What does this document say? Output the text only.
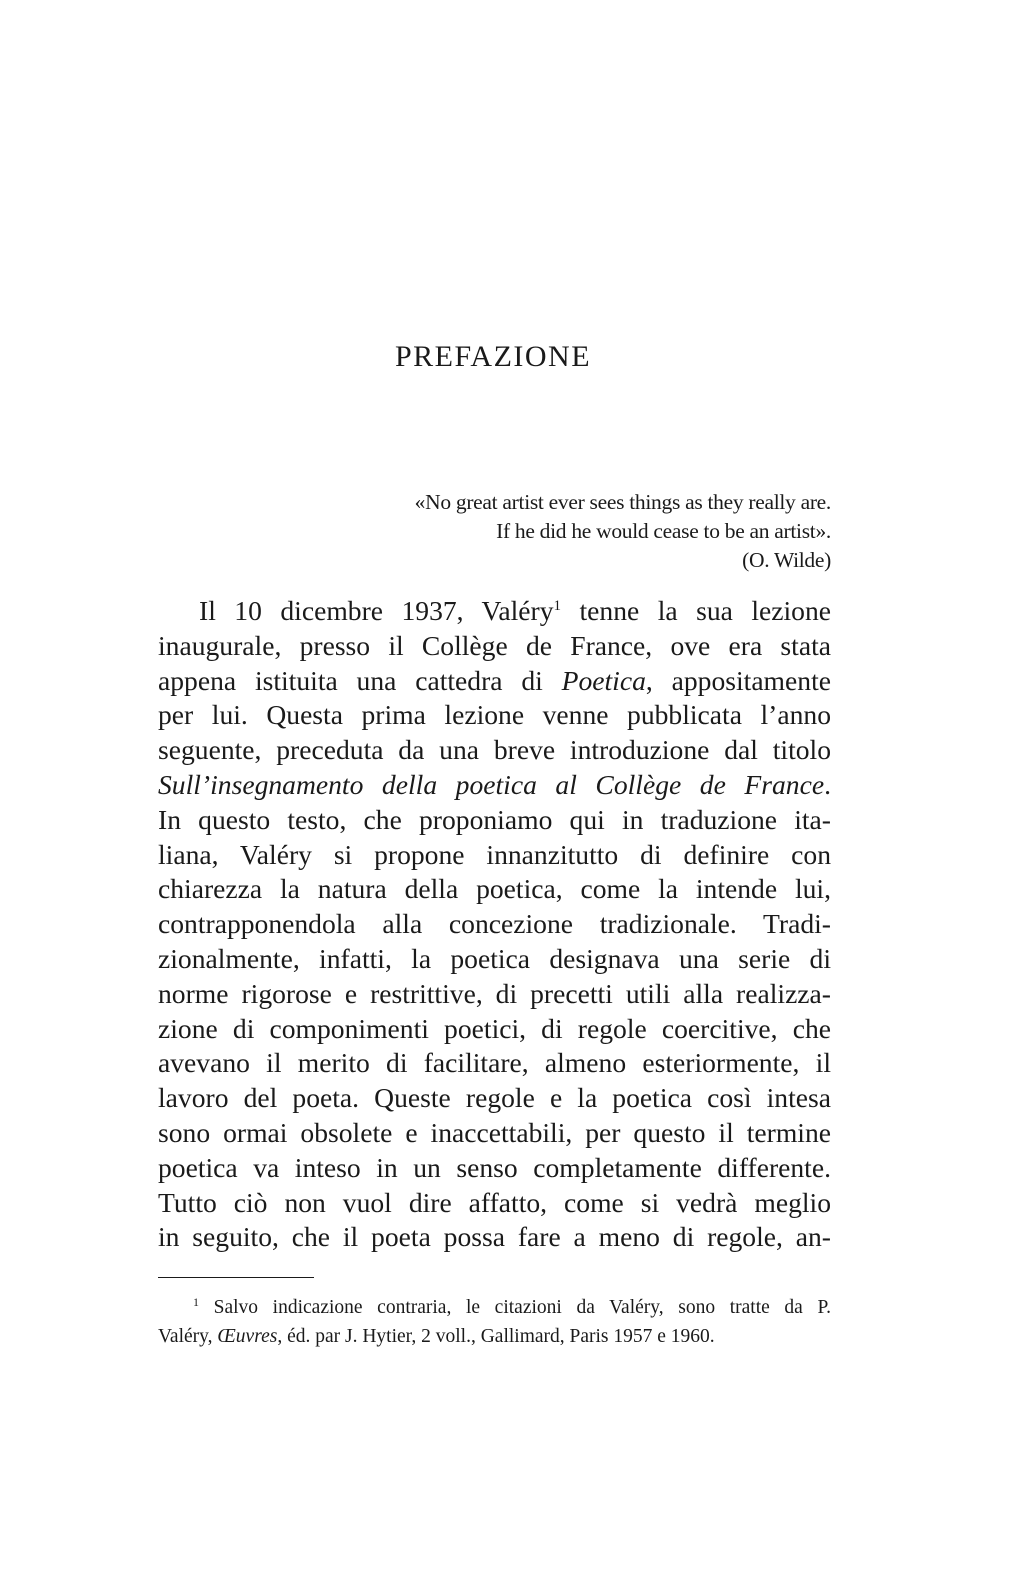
PREFAZIONE
«No great artist ever sees things as they really are.
If he did he would cease to be an artist».
(O. Wilde)
Il 10 dicembre 1937, Valéry$^1$ tenne la sua lezione
inaugurale, presso il Collège de France, ove era stata
appena istituita una cattedra di Poetica, appositamente
per lui. Questa prima lezione venne pubblicata l’anno
seguente, preceduta da una breve introduzione dal titolo
Sull’insegnamento della poetica al Collège de France.
In questo testo, che proponiamo qui in traduzione ita-
liana, Valéry si propone innanzitutto di definire con
chiarezza la natura della poetica, come la intende lui,
contrapponendola alla concezione tradizionale. Tradi-
zionalmente, infatti, la poetica designava una serie di
norme rigorose e restrittive, di precetti utili alla realizza-
zione di componimenti poetici, di regole coercitive, che
avevano il merito di facilitare, almeno esteriormente, il
lavoro del poeta. Queste regole e la poetica così intesa
sono ormai obsolete e inaccettabili, per questo il termine
poetica va inteso in un senso completamente differente.
Tutto ciò non vuol dire affatto, come si vedrà meglio
in seguito, che il poeta possa fare a meno di regole, an-
$^1$ Salvo indicazione contraria, le citazioni da Valéry, sono tratte da P.
Valéry, Œuvres, éd. par J. Hytier, 2 voll., Gallimard, Paris 1957 e 1960.
